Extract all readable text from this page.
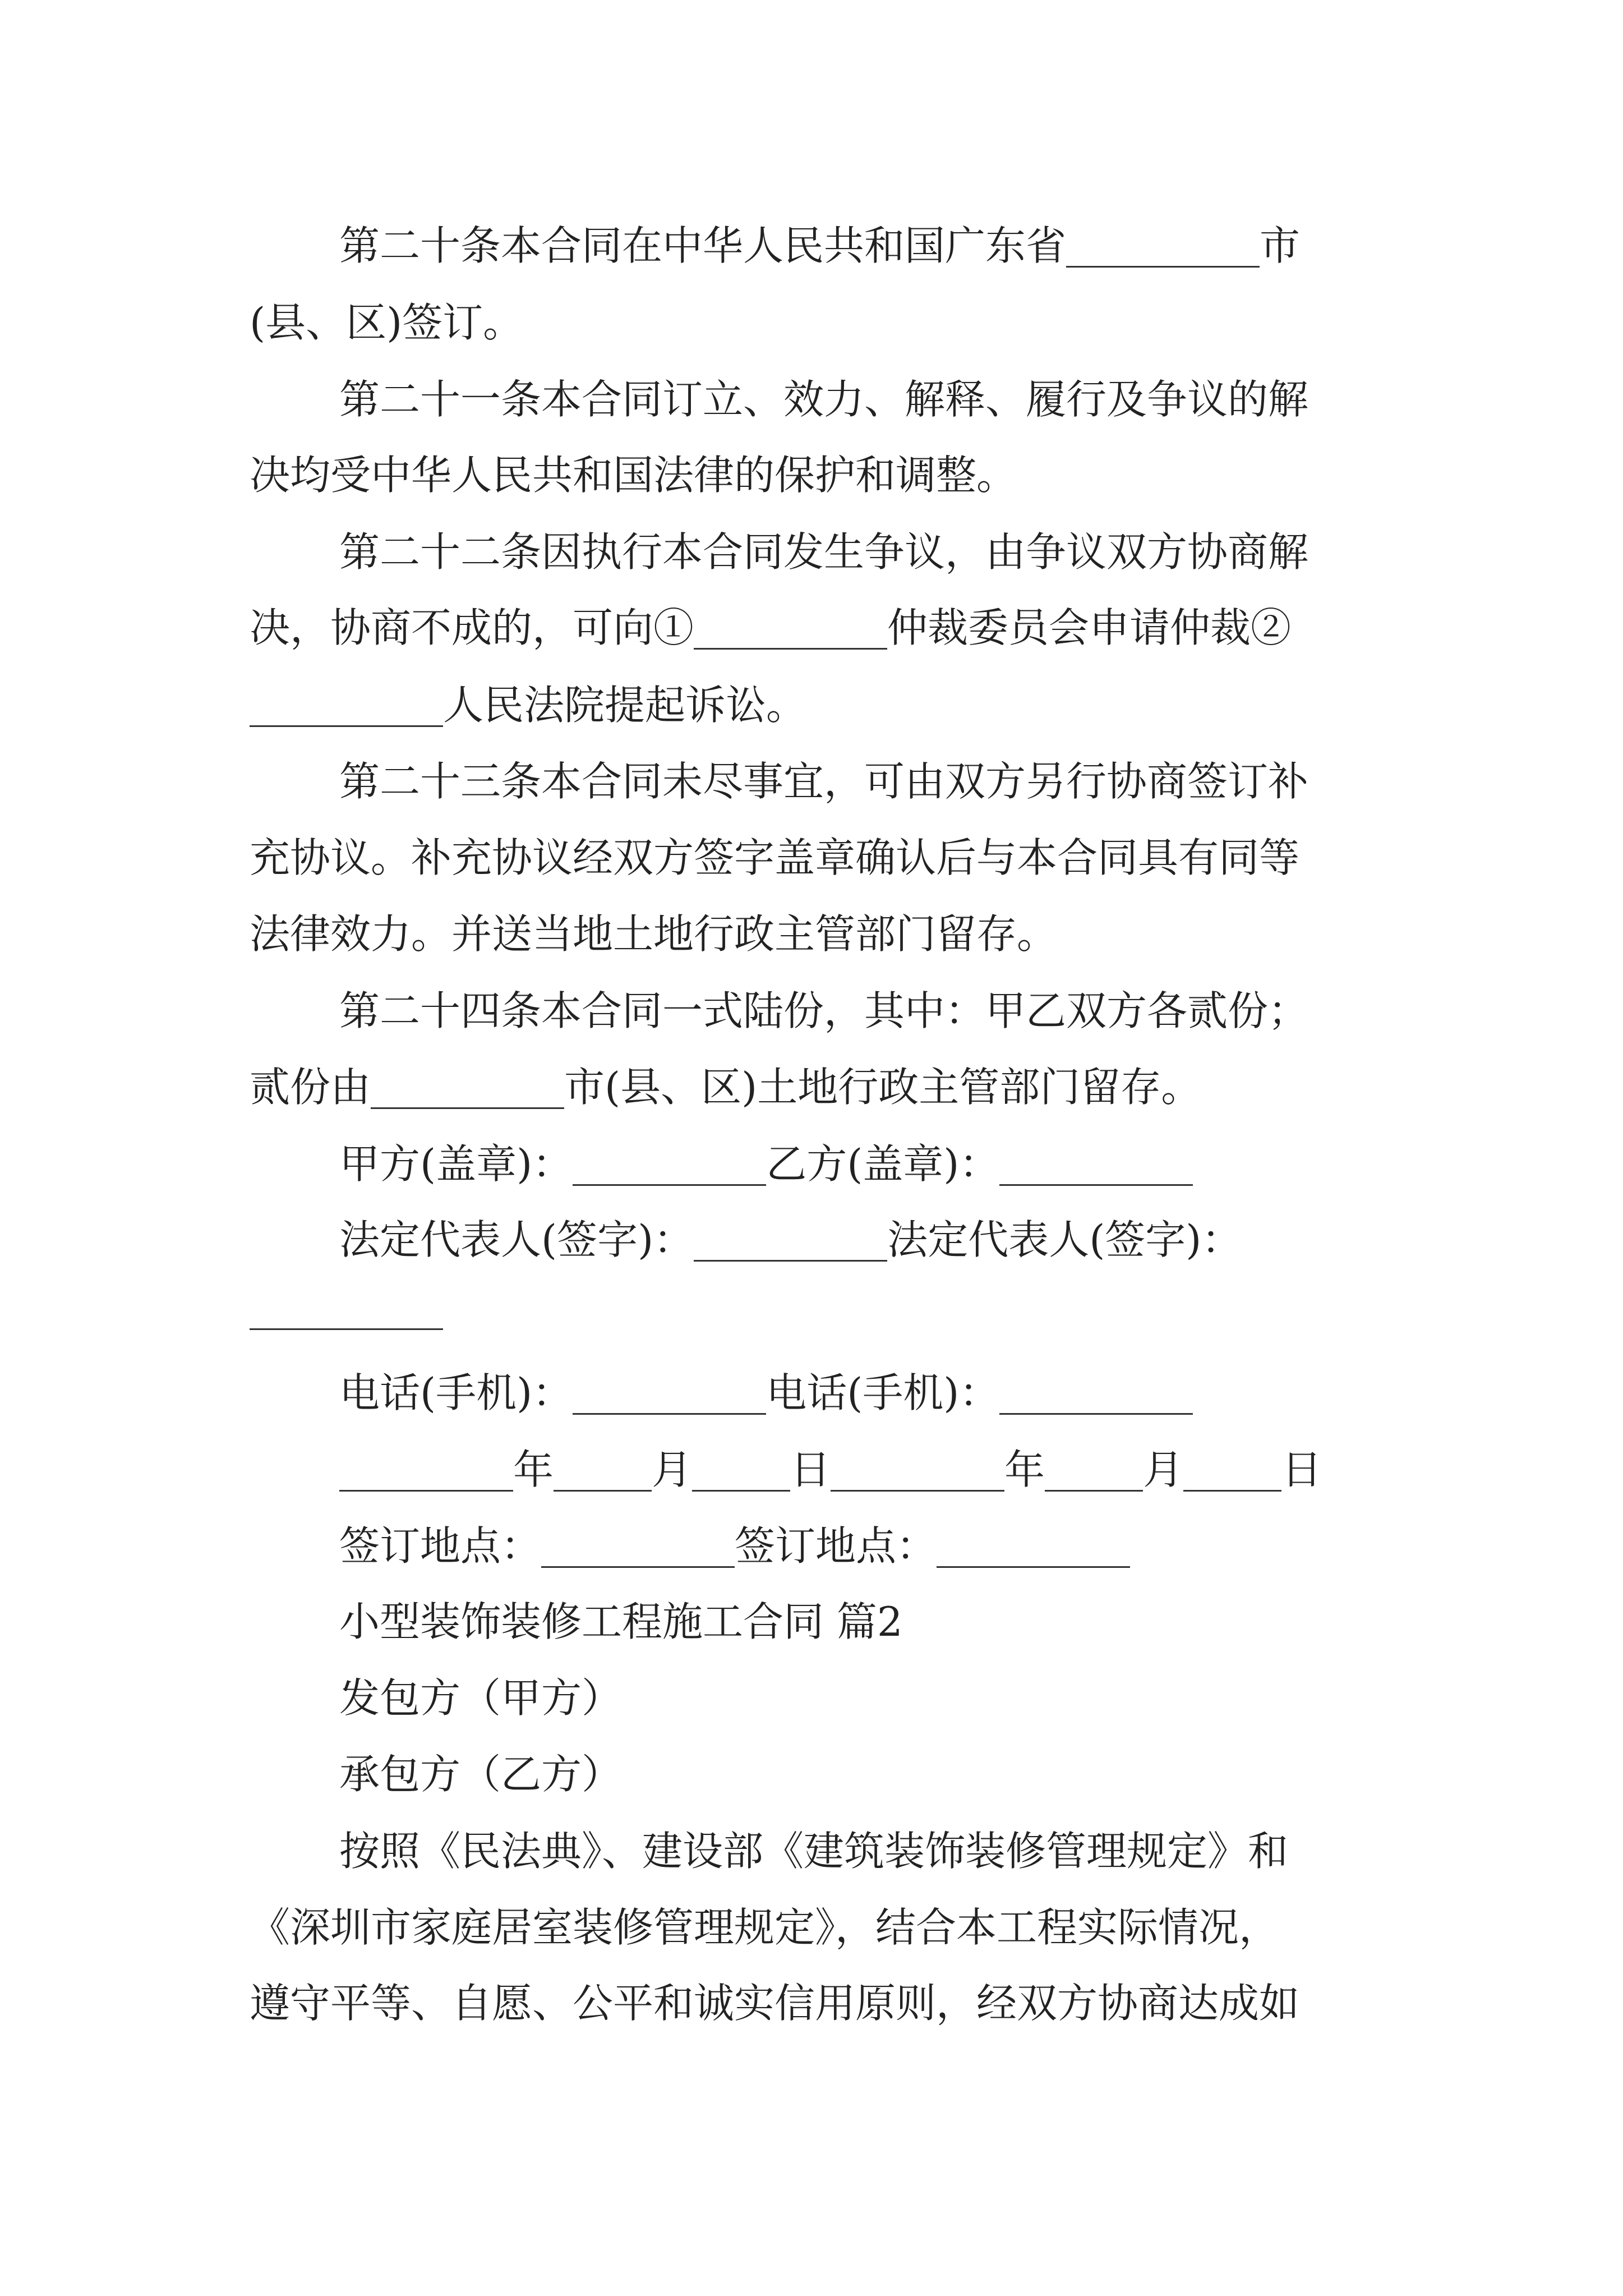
第二十条本合同在中华人民共和国广东省	市
(县、区)签订。
第二十一条本合同订立、效力、解释、履行及争议的解
决均受中华人民共和国法律的保护和调整。
第二十二条因执行本合同发生争议，由争议双方协商解
决，协商不成的，可向①	仲裁委员会申请仲裁②
人民法院提起诉讼。
第二十三条本合同未尽事宜，可由双方另行协商签订补
充协议。补充协议经双方签字盖章确认后与本合同具有同等
法律效力。并送当地土地行政主管部门留存。
第二十四条本合同一式陆份，其中：甲乙双方各贰份；
贰份由	市(县、区)土地行政主管部门留存。
甲方(盖章)：	乙方(盖章)：
法定代表人(签字)：	法定代表人(签字)：
电话(手机)：	电话(手机)：
年 月 日	年 月 日
签订地点：	签订地点：
小型装饰装修工程施工合同 篇2
发包方（甲方）
承包方（乙方）
按照《民法典》、建设部《建筑装饰装修管理规定》和
《深圳市家庭居室装修管理规定》，结合本工程实际情况，
遵守平等、自愿、公平和诚实信用原则，经双方协商达成如
